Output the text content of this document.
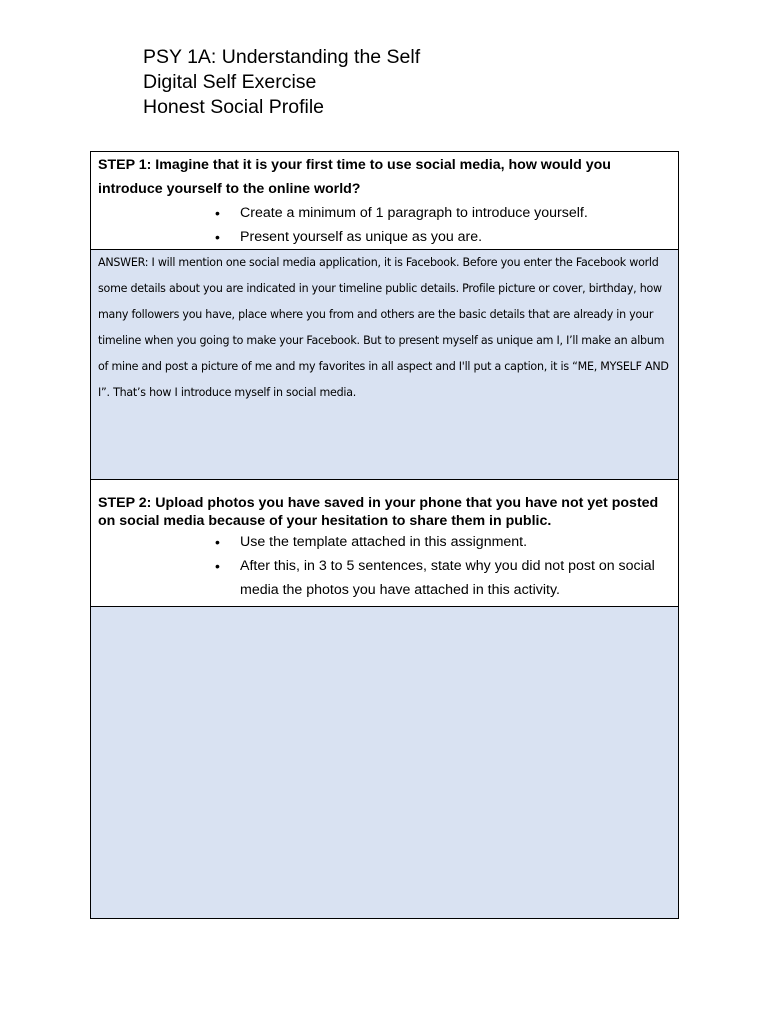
PSY 1A: Understanding the Self
Digital Self Exercise
Honest Social Profile

STEP 1: Imagine that it is your first time to use social media, how would you introduce yourself to the online world?

• Create a minimum of 1 paragraph to introduce yourself.
• Present yourself as unique as you are.

ANSWER: I will mention one social media application, it is Facebook. Before you enter the Facebook world some details about you are indicated in your timeline public details. Profile picture or cover, birthday, how many followers you have, place where you from and others are the basic details that are already in your timeline when you going to make your Facebook. But to present myself as unique am I, I’ll make an album of mine and post a picture of me and my favorites in all aspect and I'll put a caption, it is “ME, MYSELF AND I”. That’s how I introduce myself in social media.

STEP 2: Upload photos you have saved in your phone that you have not yet posted on social media because of your hesitation to share them in public.

• Use the template attached in this assignment.
• After this, in 3 to 5 sentences, state why you did not post on social media the photos you have attached in this activity.
